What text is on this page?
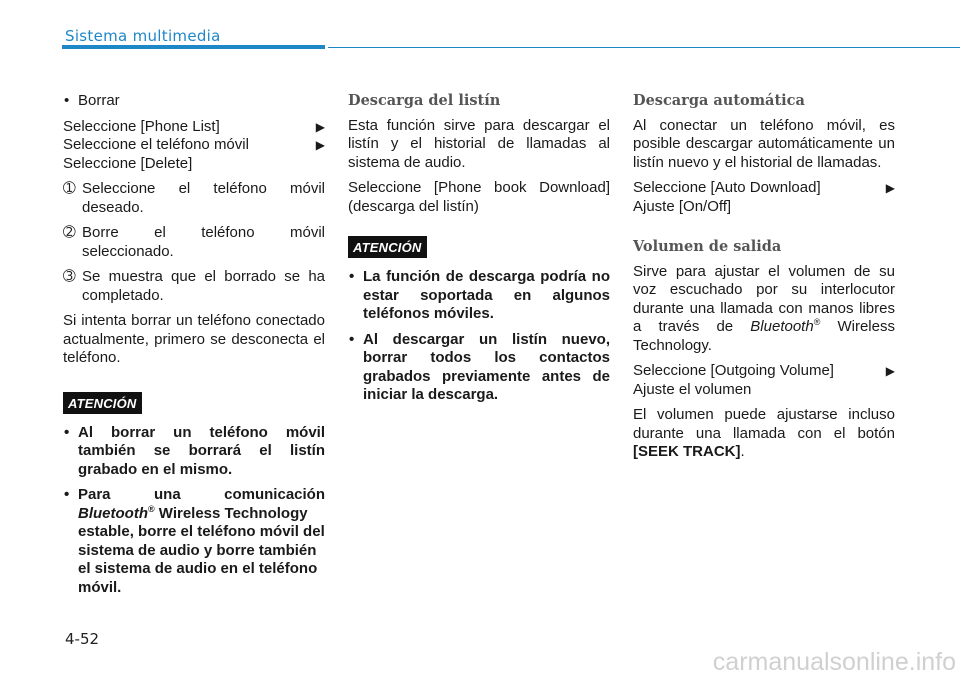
Sistema multimedia
• Borrar
Seleccione [Phone List]	▶
Seleccione el teléfono móvil	▶

Seleccione [Delete]

➀ Seleccione el teléfono móvil deseado.
➁ Borre el teléfono móvil seleccionado.
➂ Se muestra que el borrado se ha completado.

Si intenta borrar un teléfono conectado actualmente, primero se desconecta el teléfono.

ATENCIÓN
• Al borrar un teléfono móvil también se borrará el listín grabado en el mismo.
• Para una comunicación
Bluetooth® Wireless Technology estable, borre el teléfono móvil del sistema de audio y borre también el sistema de audio en el teléfono móvil.
Descarga del listín

Esta función sirve para descargar el listín y el historial de llamadas al sistema de audio.

Seleccione [Phone book Download] (descarga del listín)

ATENCIÓN
• La función de descarga podría no estar soportada en algunos teléfonos móviles.
• Al descargar un listín nuevo, borrar todos los contactos grabados previamente antes de iniciar la descarga.
Descarga automática

Al conectar un teléfono móvil, es posible descargar automáticamente un listín nuevo y el historial de llamadas.

Seleccione [Auto Download]	▶

Ajuste [On/Off]

Volumen de salida

Sirve para ajustar el volumen de su voz escuchado por su interlocutor durante una llamada con manos libres a través de Bluetooth® Wireless Technology.

Seleccione [Outgoing Volume]	▶

Ajuste el volumen

El volumen puede ajustarse incluso durante una llamada con el botón [SEEK TRACK].

4-52
carmanualsonline.info
